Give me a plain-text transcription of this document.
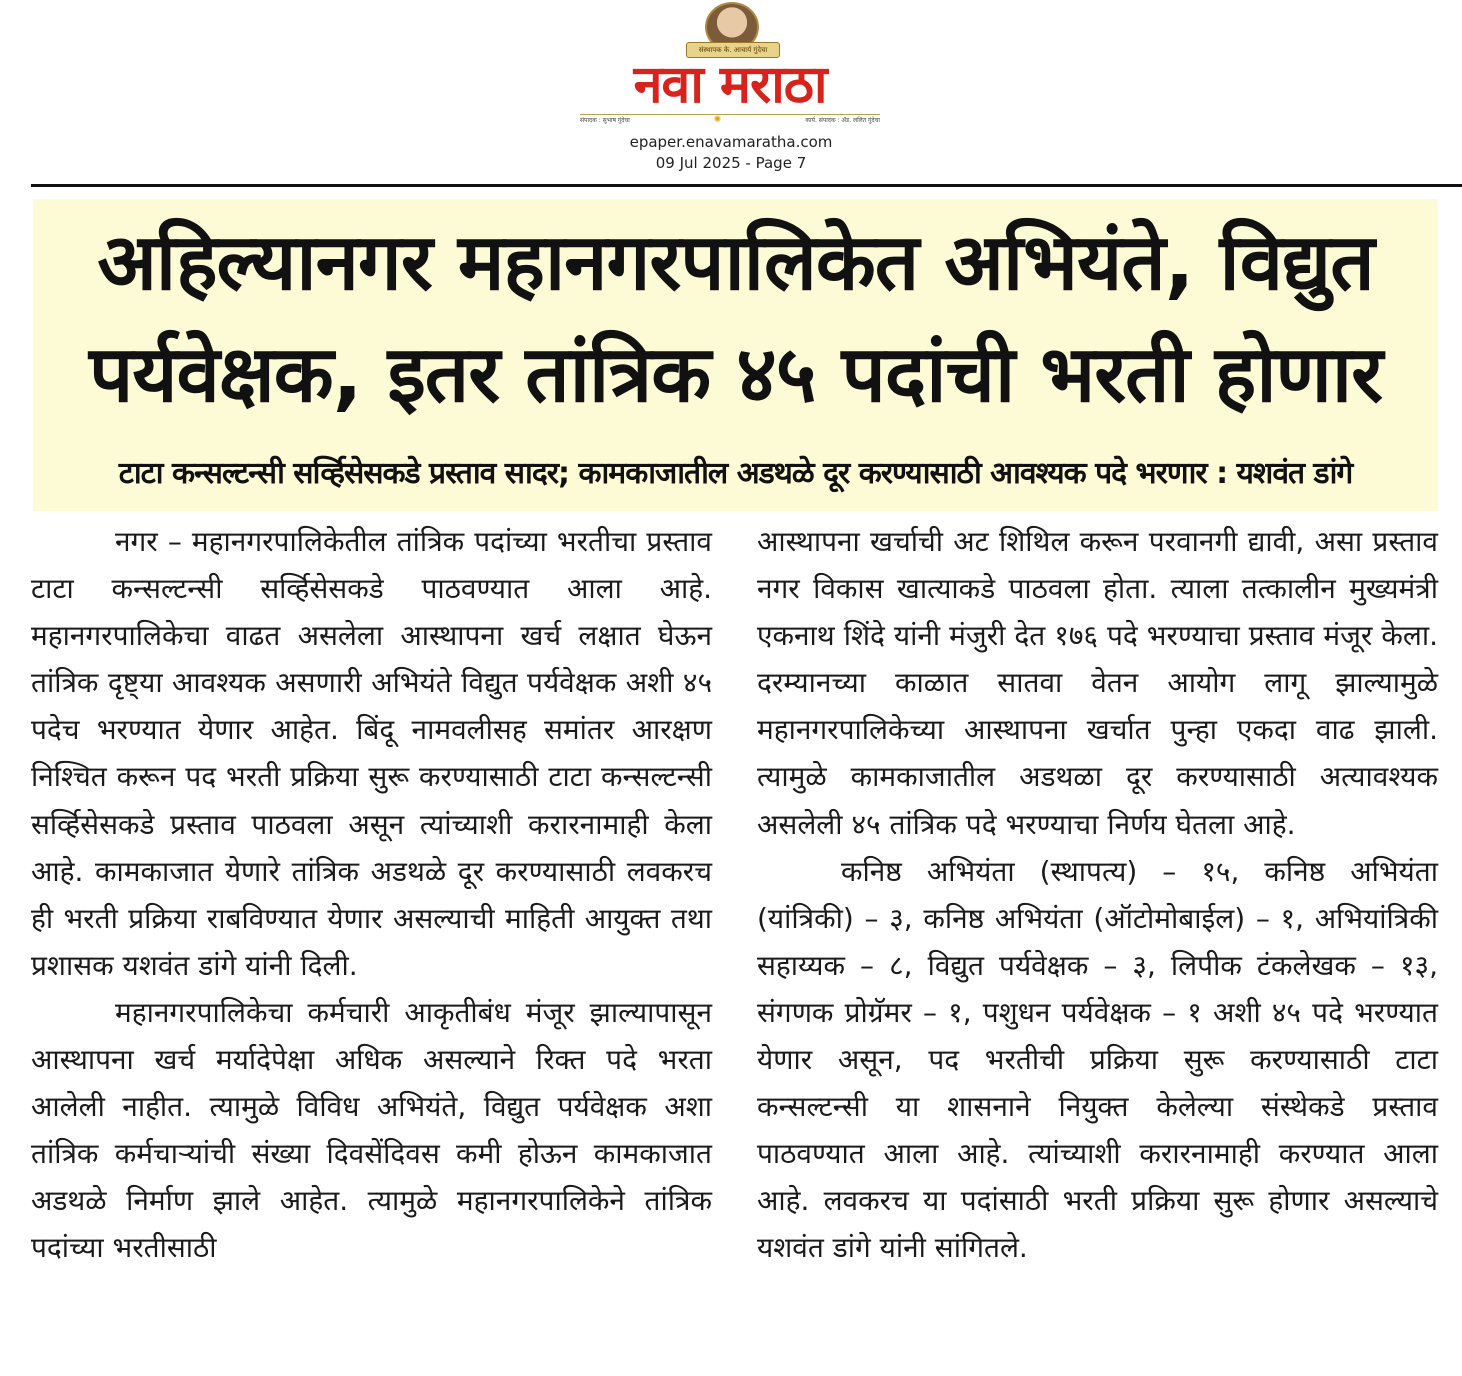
संस्थापक के. आचार्य गुंदेचा
नवा मराठा
संपादक : सुभाष गुंदेचा	✺	कार्य. संपादक : ॲड. ललित गुंदेचा
epaper.enavamaratha.com
09 Jul 2025 - Page 7
अहिल्यानगर महानगरपालिकेत अभियंते, विद्युत
पर्यवेक्षक, इतर तांत्रिक ४५ पदांची भरती होणार
टाटा कन्सल्टन्सी सर्व्हिसेसकडे प्रस्ताव सादर; कामकाजातील अडथळे दूर करण्यासाठी आवश्यक पदे भरणार : यशवंत डांगे

नगर – महानगरपालिकेतील तांत्रिक पदांच्या भरतीचा प्रस्ताव टाटा कन्सल्टन्सी सर्व्हिसेसकडे पाठवण्यात आला आहे. महानगरपालिकेचा वाढत असलेला आस्थापना खर्च लक्षात घेऊन तांत्रिक दृष्ट्या आवश्यक असणारी अभियंते विद्युत पर्यवेक्षक अशी ४५ पदेच भरण्यात येणार आहेत. बिंदू नामवलीसह समांतर आरक्षण निश्चित करून पद भरती प्रक्रिया सुरू करण्यासाठी टाटा कन्सल्टन्सी सर्व्हिसेसकडे प्रस्ताव पाठवला असून त्यांच्याशी करारनामाही केला आहे. कामकाजात येणारे तांत्रिक अडथळे दूर करण्यासाठी लवकरच ही भरती प्रक्रिया राबविण्यात येणार असल्याची माहिती आयुक्त तथा प्रशासक यशवंत डांगे यांनी दिली.

महानगरपालिकेचा कर्मचारी आकृतीबंध मंजूर झाल्यापासून आस्थापना खर्च मर्यादेपेक्षा अधिक असल्याने रिक्त पदे भरता आलेली नाहीत. त्यामुळे विविध अभियंते, विद्युत पर्यवेक्षक अशा तांत्रिक कर्मचाऱ्यांची संख्या दिवसेंदिवस कमी होऊन कामकाजात अडथळे निर्माण झाले आहेत. त्यामुळे महानगरपालिकेने तांत्रिक पदांच्या भरतीसाठी

आस्थापना खर्चाची अट शिथिल करून परवानगी द्यावी, असा प्रस्ताव नगर विकास खात्याकडे पाठवला होता. त्याला तत्कालीन मुख्यमंत्री एकनाथ शिंदे यांनी मंजुरी देत १७६ पदे भरण्याचा प्रस्ताव मंजूर केला. दरम्यानच्या काळात सातवा वेतन आयोग लागू झाल्यामुळे महानगरपालिकेच्या आस्थापना खर्चात पुन्हा एकदा वाढ झाली. त्यामुळे कामकाजातील अडथळा दूर करण्यासाठी अत्यावश्यक असलेली ४५ तांत्रिक पदे भरण्याचा निर्णय घेतला आहे.

कनिष्ठ अभियंता (स्थापत्य) – १५, कनिष्ठ अभियंता (यांत्रिकी) – ३, कनिष्ठ अभियंता (ऑटोमोबाईल) – १, अभियांत्रिकी सहाय्यक – ८, विद्युत पर्यवेक्षक – ३, लिपीक टंकलेखक – १३, संगणक प्रोग्रॅमर – १, पशुधन पर्यवेक्षक – १ अशी ४५ पदे भरण्यात येणार असून, पद भरतीची प्रक्रिया सुरू करण्यासाठी टाटा कन्सल्टन्सी या शासनाने नियुक्त केलेल्या संस्थेकडे प्रस्ताव पाठवण्यात आला आहे. त्यांच्याशी करारनामाही करण्यात आला आहे. लवकरच या पदांसाठी भरती प्रक्रिया सुरू होणार असल्याचे यशवंत डांगे यांनी सांगितले.
